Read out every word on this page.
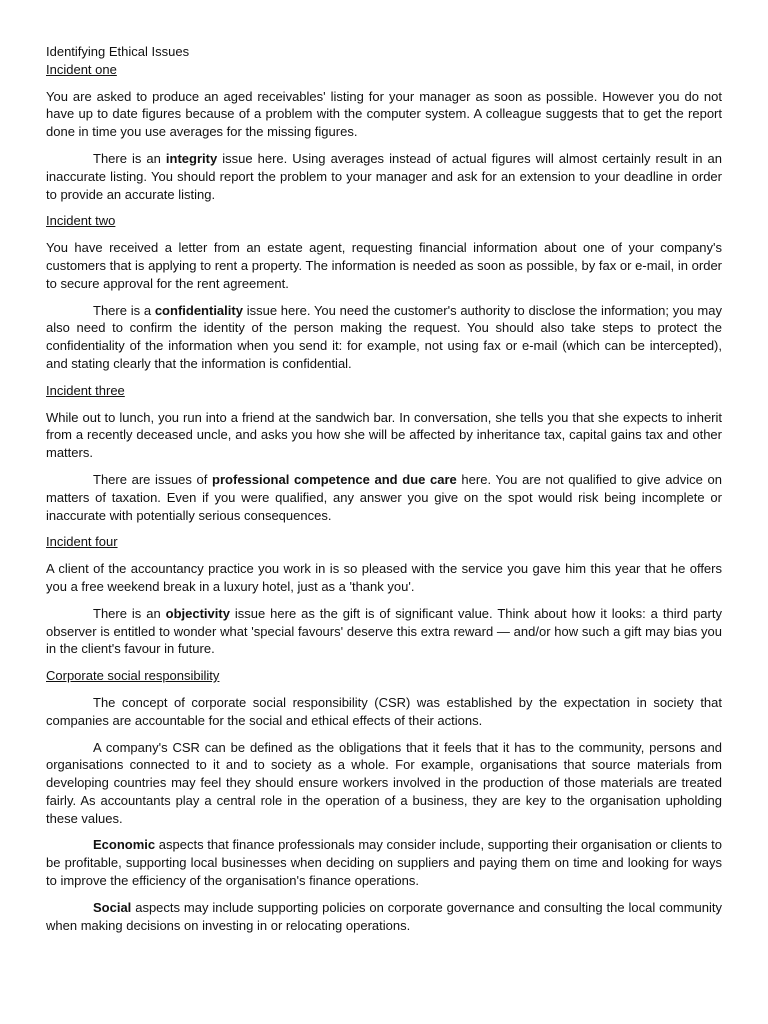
Identifying Ethical Issues
Incident one

You are asked to produce an aged receivables' listing for your manager as soon as possible. However you do not have up to date figures because of a problem with the computer system. A colleague suggests that to get the report done in time you use averages for the missing figures.

There is an integrity issue here. Using averages instead of actual figures will almost certainly result in an inaccurate listing. You should report the problem to your manager and ask for an extension to your deadline in order to provide an accurate listing.

Incident two

You have received a letter from an estate agent, requesting financial information about one of your company's customers that is applying to rent a property. The information is needed as soon as possible, by fax or e-mail, in order to secure approval for the rent agreement.

There is a confidentiality issue here. You need the customer's authority to disclose the information; you may also need to confirm the identity of the person making the request. You should also take steps to protect the confidentiality of the information when you send it: for example, not using fax or e-mail (which can be intercepted), and stating clearly that the information is confidential.

Incident three

While out to lunch, you run into a friend at the sandwich bar. In conversation, she tells you that she expects to inherit from a recently deceased uncle, and asks you how she will be affected by inheritance tax, capital gains tax and other matters.

There are issues of professional competence and due care here. You are not qualified to give advice on matters of taxation. Even if you were qualified, any answer you give on the spot would risk being incomplete or inaccurate with potentially serious consequences.

Incident four

A client of the accountancy practice you work in is so pleased with the service you gave him this year that he offers you a free weekend break in a luxury hotel, just as a 'thank you'.

There is an objectivity issue here as the gift is of significant value. Think about how it looks: a third party observer is entitled to wonder what 'special favours' deserve this extra reward — and/or how such a gift may bias you in the client's favour in future.

Corporate social responsibility

The concept of corporate social responsibility (CSR) was established by the expectation in society that companies are accountable for the social and ethical effects of their actions.

A company's CSR can be defined as the obligations that it feels that it has to the community, persons and organisations connected to it and to society as a whole. For example, organisations that source materials from developing countries may feel they should ensure workers involved in the production of those materials are treated fairly. As accountants play a central role in the operation of a business, they are key to the organisation upholding these values.

Economic aspects that finance professionals may consider include, supporting their organisation or clients to be profitable, supporting local businesses when deciding on suppliers and paying them on time and looking for ways to improve the efficiency of the organisation's finance operations.

Social aspects may include supporting policies on corporate governance and consulting the local community when making decisions on investing in or relocating operations.
